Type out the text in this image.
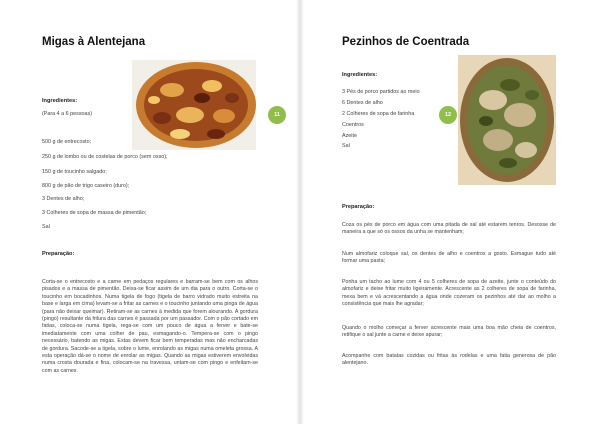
Migas à Alentejana
11

Ingredientes:

(Para 4 a 6 pessoas)

500 g de entrecosto;

250 g de lombo ou de costelas de porco (sem osso);

150 g de toucinho salgado;

800 g de pão de trigo caseiro (duro);

3 Dentes de alho;

3 Colheres de sopa de massa de pimentão;

Sal

Preparação:

Corta-se o entrecosto e a carne em pedaços regulares e barram-se bem com os alhos pisados e a massa de pimentão. Deixa-se ficar assim de um dia para o outro. Corta-se o toucinho em bocadinhos. Numa tigela de fogo (tigela de barro vidrado muito estreita na base e larga em cima) levam-se a fritar as carnes e o toucinho juntando uma pinga de água (para não deixar queimar). Retiram-se as carnes à medida que forem alourando. A gordura (pingo) resultante da fritura das carnes é passada por um passador. Com o pão cortado em fatias, coloca-se numa tigela, rega-se com um pouco de água a ferver e bate-se imediatamente com uma colher de pau, esmagando-o. Tempera-se com o pingo necessário, batendo as migas. Estas devem ficar bem temperadas mas não encharcadas de gordura. Sacode-se a tigela, sobre o lume, enrolando as migas numa omeleta grossa. A esta operação dá-se o nome de enrolar as migas. Quando as migas estiverem envolvidas numa crosta dourada e fina, colocam-se na travessa, untam-se com pingo e enfeitam-se com as carnes.

Pezinhos de Coentrada
12

Ingredientes:

3 Pés de porco partidos ao meio

6 Dentes de alho

2 Colheres de sopa de farinha

Coentros

Azeite

Sal

Preparação:

Coza os pés de porco em água com uma pitada de sal até estarem tenros. Desosse de maneira a que só os ossos da unha se mantenham;

Num almofariz coloque sal, os dentes de alho e coentros a gosto. Esmague tudo até formar uma pasta;

Ponha um tacho ao lume com 4 ou 5 colheres de sopa de azeite, junte o conteúdo do almofariz e deixe fritar muito ligeiramente. Acrescente as 2 colheres de sopa de farinha, mexa bem e vá acrescentando a água onde cozeram os pezinhos até dar ao molho a consistência que mais lhe agradar;

Quando o molho começar a ferver acrescente mais uma boa mão cheia de coentros, retifique o sal junte a carne e deixe apurar;

Acompanhe com batatas cozidas ou fritas às rodelas e uma fatia generosa de pão alentejano.
